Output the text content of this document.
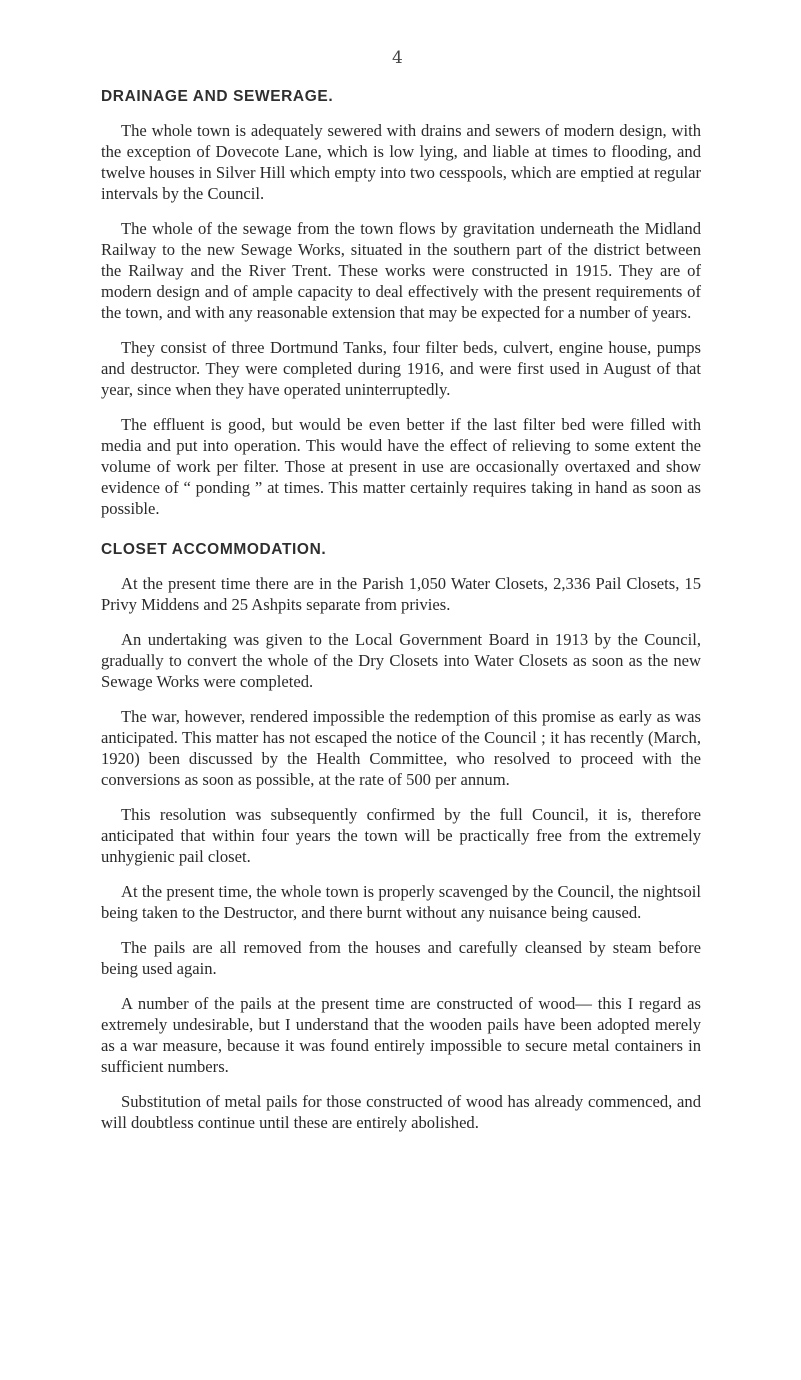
4
DRAINAGE AND SEWERAGE.

The whole town is adequately sewered with drains and sewers of modern design, with the exception of Dovecote Lane, which is low lying, and liable at times to flooding, and twelve houses in Silver Hill which empty into two cesspools, which are emptied at regular intervals by the Council.

The whole of the sewage from the town flows by gravitation underneath the Midland Railway to the new Sewage Works, situated in the southern part of the district between the Railway and the River Trent. These works were constructed in 1915. They are of modern design and of ample capacity to deal effectively with the present requirements of the town, and with any reasonable extension that may be expected for a number of years.

They consist of three Dortmund Tanks, four filter beds, culvert, engine house, pumps and destructor. They were completed during 1916, and were first used in August of that year, since when they have operated uninterruptedly.

The effluent is good, but would be even better if the last filter bed were filled with media and put into operation. This would have the effect of relieving to some extent the volume of work per filter. Those at present in use are occasionally overtaxed and show evidence of “ ponding ” at times. This matter certainly requires taking in hand as soon as possible.

CLOSET ACCOMMODATION.

At the present time there are in the Parish 1,050 Water Closets, 2,336 Pail Closets, 15 Privy Middens and 25 Ashpits separate from privies.

An undertaking was given to the Local Government Board in 1913 by the Council, gradually to convert the whole of the Dry Closets into Water Closets as soon as the new Sewage Works were completed.

The war, however, rendered impossible the redemption of this promise as early as was anticipated. This matter has not escaped the notice of the Council ; it has recently (March, 1920) been discussed by the Health Committee, who resolved to proceed with the conversions as soon as possible, at the rate of 500 per annum.

This resolution was subsequently confirmed by the full Council, it is, therefore anticipated that within four years the town will be practically free from the extremely unhygienic pail closet.

At the present time, the whole town is properly scavenged by the Council, the nightsoil being taken to the Destructor, and there burnt without any nuisance being caused.

The pails are all removed from the houses and carefully cleansed by steam before being used again.

A number of the pails at the present time are constructed of wood— this I regard as extremely undesirable, but I understand that the wooden pails have been adopted merely as a war measure, because it was found entirely impossible to secure metal containers in sufficient numbers.

Substitution of metal pails for those constructed of wood has already commenced, and will doubtless continue until these are entirely abolished.
